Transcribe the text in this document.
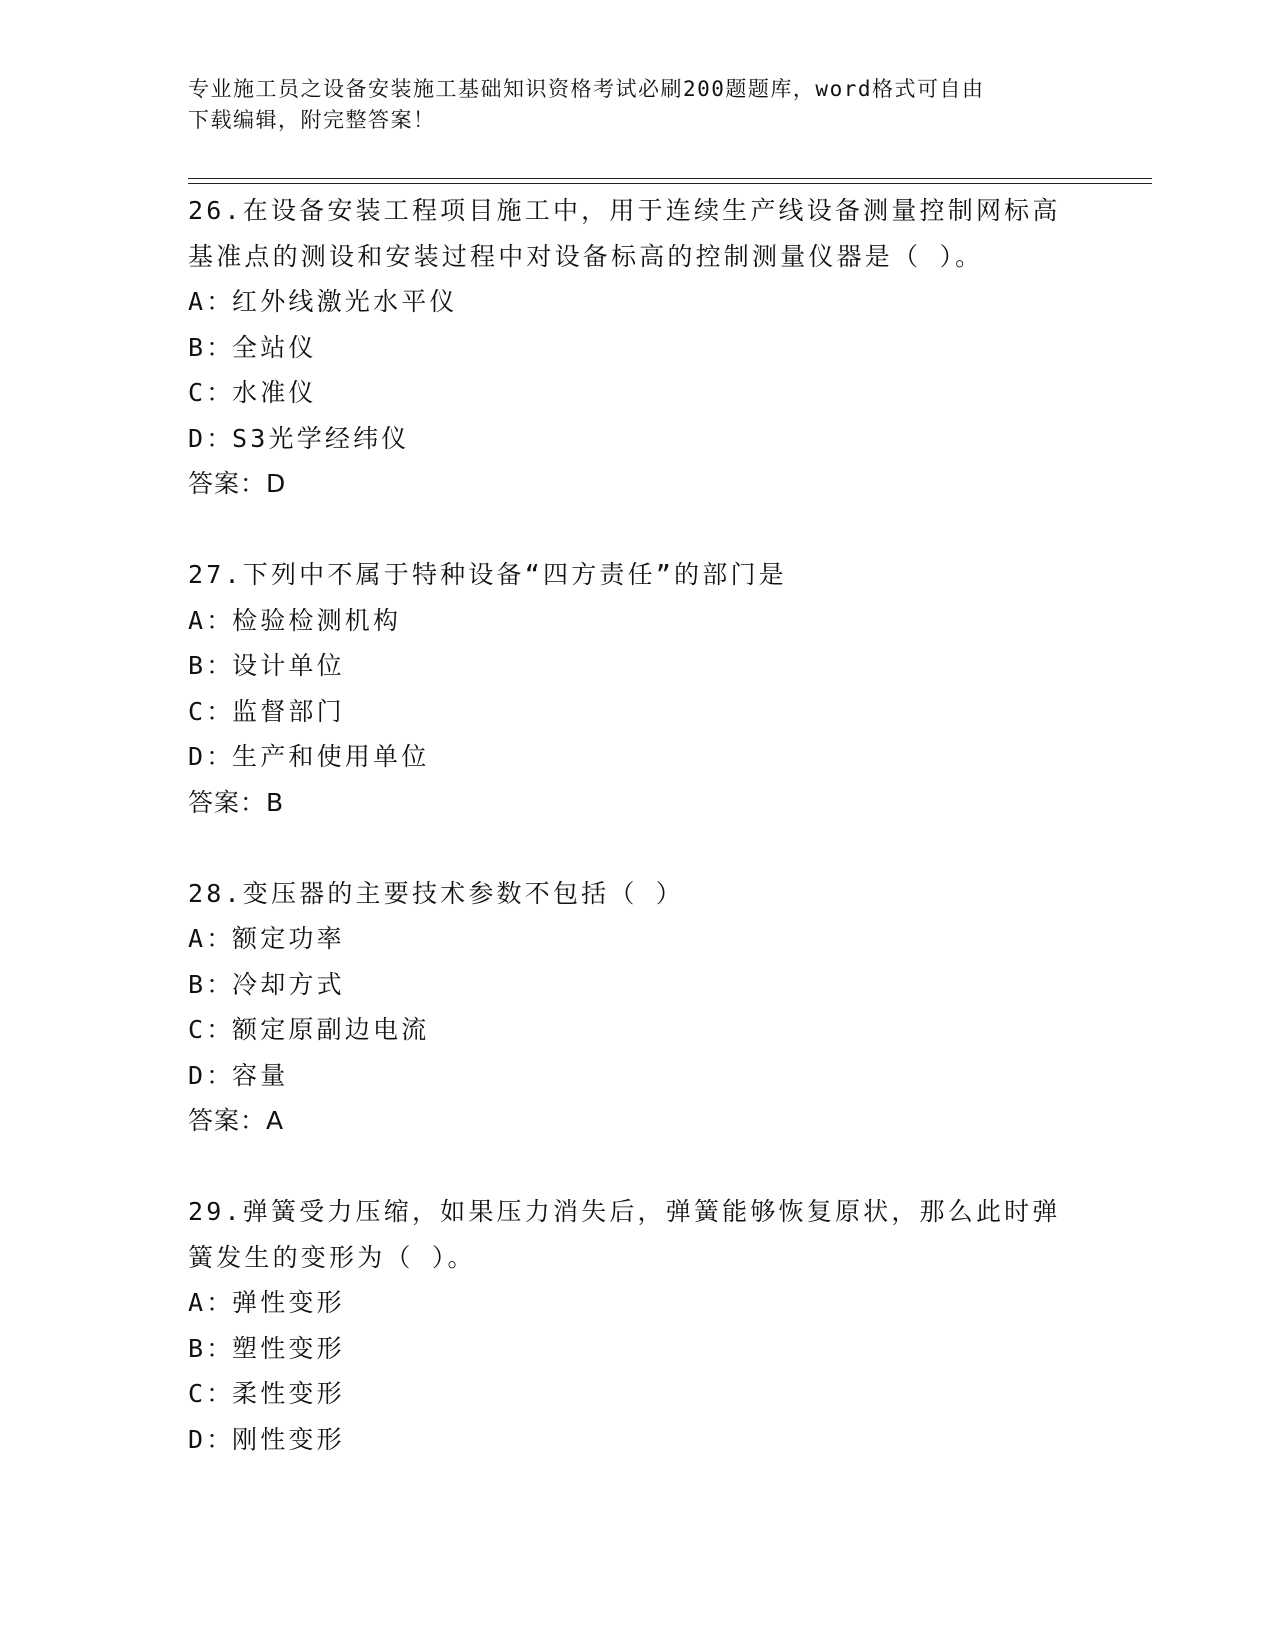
专业施工员之设备安装施工基础知识资格考试必刷200题题库，word格式可自由
下载编辑，附完整答案！
26.在设备安装工程项目施工中，用于连续生产线设备测量控制网标高
基准点的测设和安装过程中对设备标高的控制测量仪器是（ ）。
A：红外线激光水平仪
B：全站仪
C：水准仪
D：S3光学经纬仪
答案：D
27.下列中不属于特种设备“四方责任”的部门是
A：检验检测机构
B：设计单位
C：监督部门
D：生产和使用单位
答案：B
28.变压器的主要技术参数不包括（ ）
A：额定功率
B：冷却方式
C：额定原副边电流
D：容量
答案：A
29.弹簧受力压缩，如果压力消失后，弹簧能够恢复原状，那么此时弹
簧发生的变形为（ ）。
A：弹性变形
B：塑性变形
C：柔性变形
D：刚性变形
